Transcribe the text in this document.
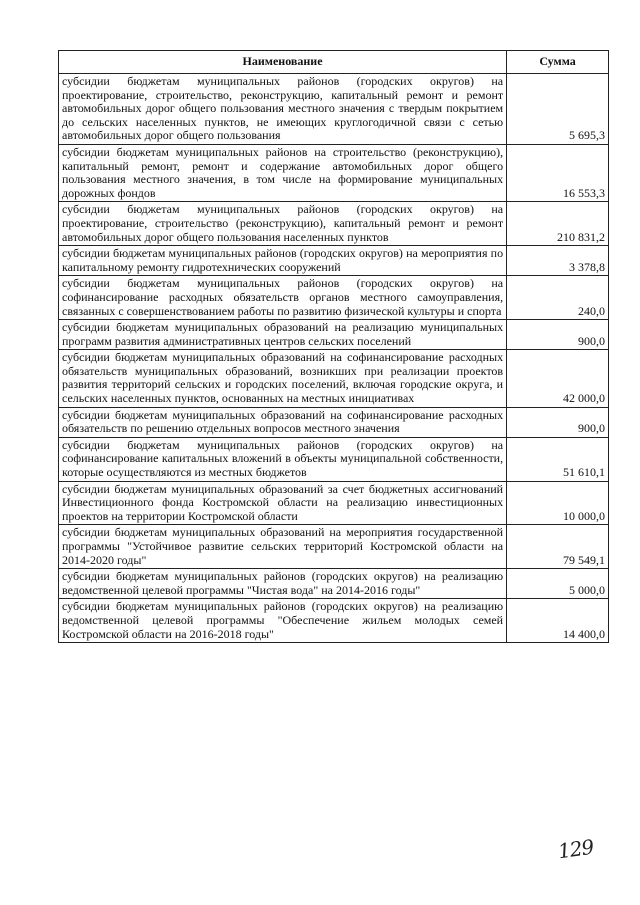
Наименование	Сумма
субсидии бюджетам муниципальных районов (городских округов) на проектирование, строительство, реконструкцию, капитальный ремонт и ремонт автомобильных дорог общего пользования местного значения с твердым покрытием до сельских населенных пунктов, не имеющих круглогодичной связи с сетью автомобильных дорог общего пользования	5 695,3
субсидии бюджетам муниципальных районов на строительство (реконструкцию), капитальный ремонт, ремонт и содержание автомобильных дорог общего пользования местного значения, в том числе на формирование муниципальных дорожных фондов	16 553,3
субсидии бюджетам муниципальных районов (городских округов) на проектирование, строительство (реконструкцию), капитальный ремонт и ремонт автомобильных дорог общего пользования населенных пунктов	210 831,2
субсидии бюджетам муниципальных районов (городских округов) на мероприятия по капитальному ремонту гидротехнических сооружений	3 378,8
субсидии бюджетам муниципальных районов (городских округов) на софинансирование расходных обязательств органов местного самоуправления, связанных с совершенствованием работы по развитию физической культуры и спорта	240,0
субсидии бюджетам муниципальных образований на реализацию муниципальных программ развития административных центров сельских поселений	900,0
субсидии бюджетам муниципальных образований на софинансирование расходных обязательств муниципальных образований, возникших при реализации проектов развития территорий сельских и городских поселений, включая городские округа, и сельских населенных пунктов, основанных на местных инициативах	42 000,0
субсидии бюджетам муниципальных образований на софинансирование расходных обязательств по решению отдельных вопросов местного значения	900,0
субсидии бюджетам муниципальных районов (городских округов) на софинансирование капитальных вложений в объекты муниципальной собственности, которые осуществляются из местных бюджетов	51 610,1
субсидии бюджетам муниципальных образований за счет бюджетных ассигнований Инвестиционного фонда Костромской области на реализацию инвестиционных проектов на территории Костромской области	10 000,0
субсидии бюджетам муниципальных образований на мероприятия государственной программы "Устойчивое развитие сельских территорий Костромской области на 2014-2020 годы"	79 549,1
субсидии бюджетам муниципальных районов (городских округов) на реализацию ведомственной целевой программы "Чистая вода" на 2014-2016 годы"	5 000,0
субсидии бюджетам муниципальных районов (городских округов) на реализацию ведомственной целевой программы "Обеспечение жильем молодых семей Костромской области на 2016-2018 годы"	14 400,0
129
